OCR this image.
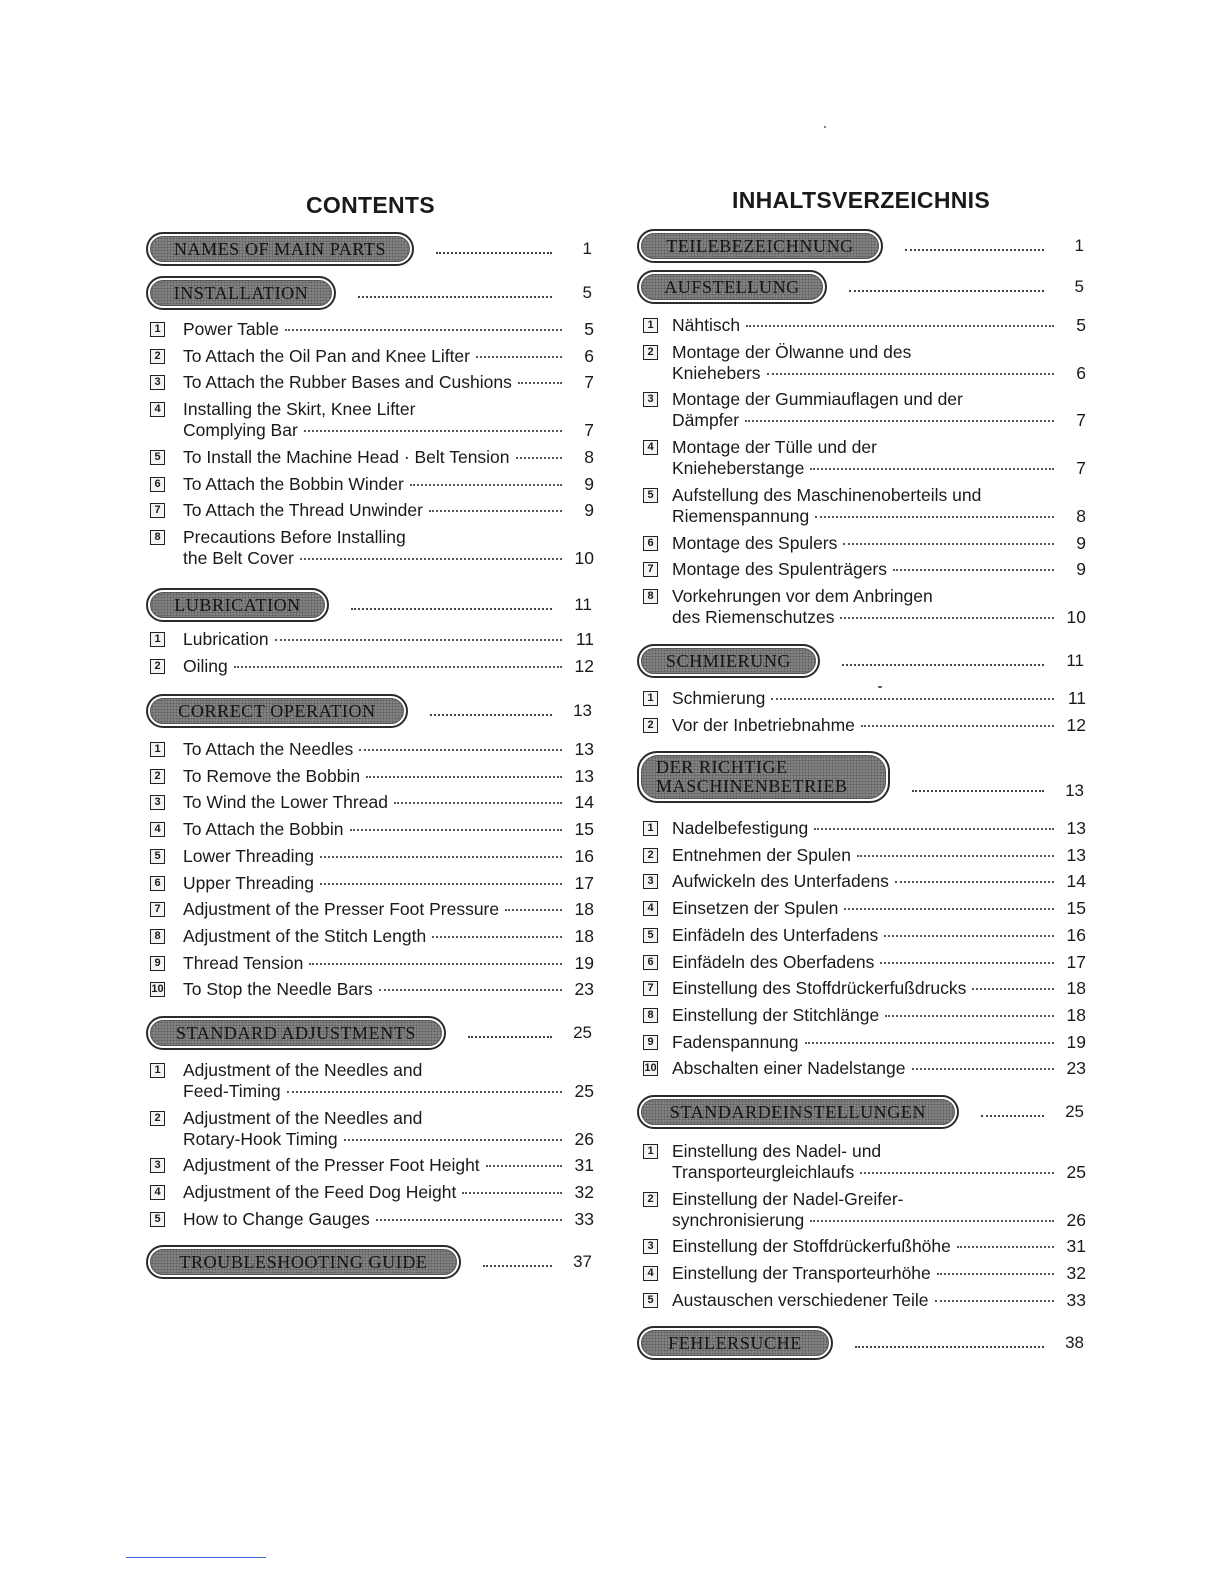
CONTENTS
NAMES OF MAIN PARTS	1
INSTALLATION	5
1 Power Table	5
2 To Attach the Oil Pan and Knee Lifter	6
3 To Attach the Rubber Bases and Cushions	7
4 Installing the Skirt, Knee Lifter
Complying Bar	7
5 To Install the Machine Head · Belt Tension	8
6 To Attach the Bobbin Winder	9
7 To Attach the Thread Unwinder	9
8 Precautions Before Installing
the Belt Cover	10
LUBRICATION	11
1 Lubrication	11
2 Oiling	12
CORRECT OPERATION	13
1 To Attach the Needles	13
2 To Remove the Bobbin	13
3 To Wind the Lower Thread	14
4 To Attach the Bobbin	15
5 Lower Threading	16
6 Upper Threading	17
7 Adjustment of the Presser Foot Pressure	18
8 Adjustment of the Stitch Length	18
9 Thread Tension	19
10 To Stop the Needle Bars	23
STANDARD ADJUSTMENTS	25
1 Adjustment of the Needles and
Feed-Timing	25
2 Adjustment of the Needles and
Rotary-Hook Timing	26
3 Adjustment of the Presser Foot Height	31
4 Adjustment of the Feed Dog Height	32
5 How to Change Gauges	33
TROUBLESHOOTING GUIDE	37
INHALTSVERZEICHNIS
TEILEBEZEICHNUNG	1
AUFSTELLUNG	5
1 Nähtisch	5
2 Montage der Ölwanne und des
Kniehebers	6
3 Montage der Gummiauflagen und der
Dämpfer	7
4 Montage der Tülle und der
Knieheberstange	7
5 Aufstellung des Maschinenoberteils und
Riemenspannung	8
6 Montage des Spulers	9
7 Montage des Spulenträgers	9
8 Vorkehrungen vor dem Anbringen
des Riemenschutzes	10
SCHMIERUNG	11
1 Schmierung	11
2 Vor der Inbetriebnahme	12
DER RICHTIGE
MASCHINENBETRIEB	13
1 Nadelbefestigung	13
2 Entnehmen der Spulen	13
3 Aufwickeln des Unterfadens	14
4 Einsetzen der Spulen	15
5 Einfädeln des Unterfadens	16
6 Einfädeln des Oberfadens	17
7 Einstellung des Stoffdrückerfußdrucks	18
8 Einstellung der Stitchlänge	18
9 Fadenspannung	19
10 Abschalten einer Nadelstange	23
STANDARDEINSTELLUNGEN	25
1 Einstellung des Nadel- und
Transporteurgleichlaufs	25
2 Einstellung der Nadel-Greifer-
synchronisierung	26
3 Einstellung der Stoffdrückerfußhöhe	31
4 Einstellung der Transporteurhöhe	32
5 Austauschen verschiedener Teile	33
FEHLERSUCHE	38
